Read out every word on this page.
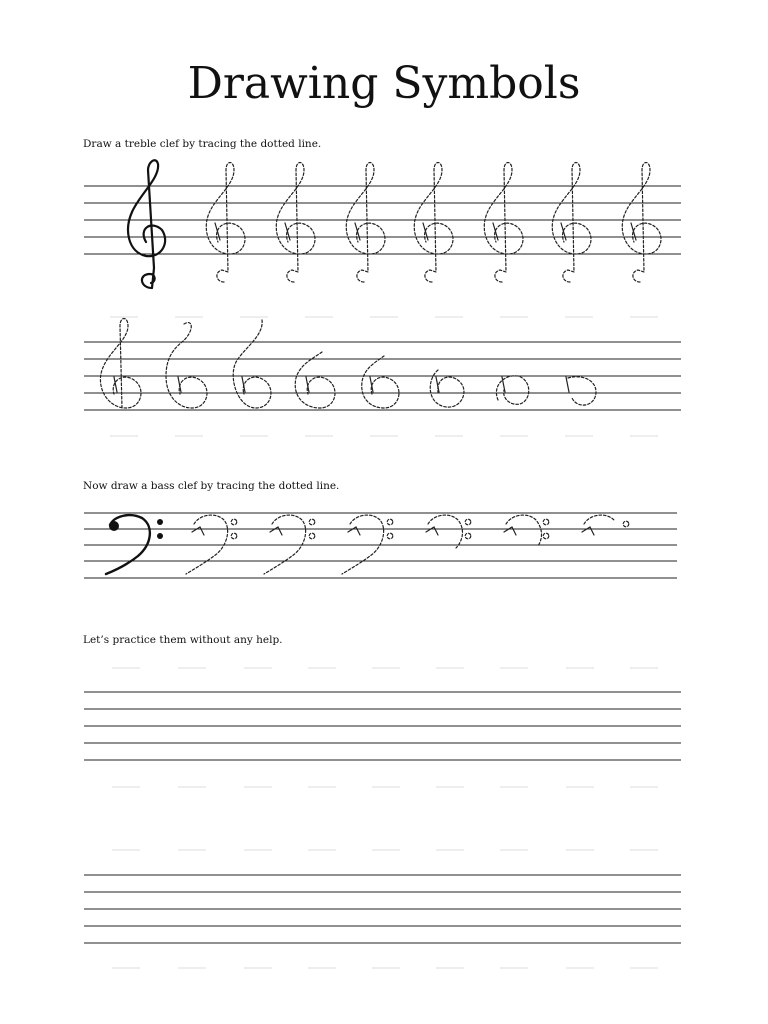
Drawing Symbols

Draw a treble clef by tracing the dotted line.

Now draw a bass clef by tracing the dotted line.

Let’s practice them without any help.
